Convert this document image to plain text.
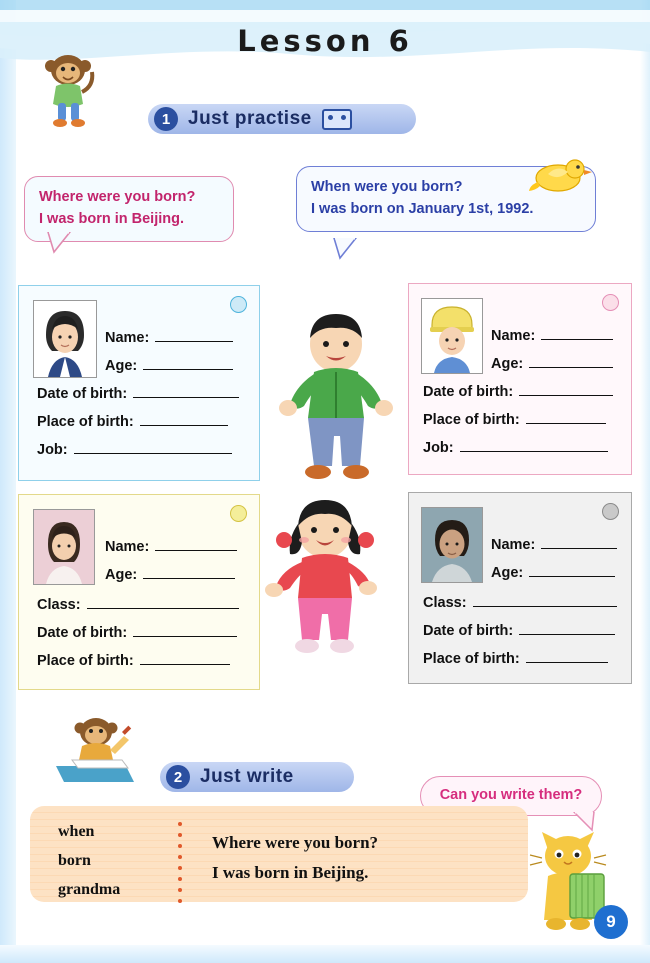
Lesson 6
1 Just practise
Where were you born?
I was born in Beijing.
When were you born?
I was born on January 1st, 1992.
Name:
Age:
Date of birth:
Place of birth:
Job:
Name:
Age:
Date of birth:
Place of birth:
Job:
Name:
Age:
Class:
Date of birth:
Place of birth:
Name:
Age:
Class:
Date of birth:
Place of birth:
2 Just write
Can you write them?
when
born
grandma
Where were you born?
I was born in Beijing.
9
